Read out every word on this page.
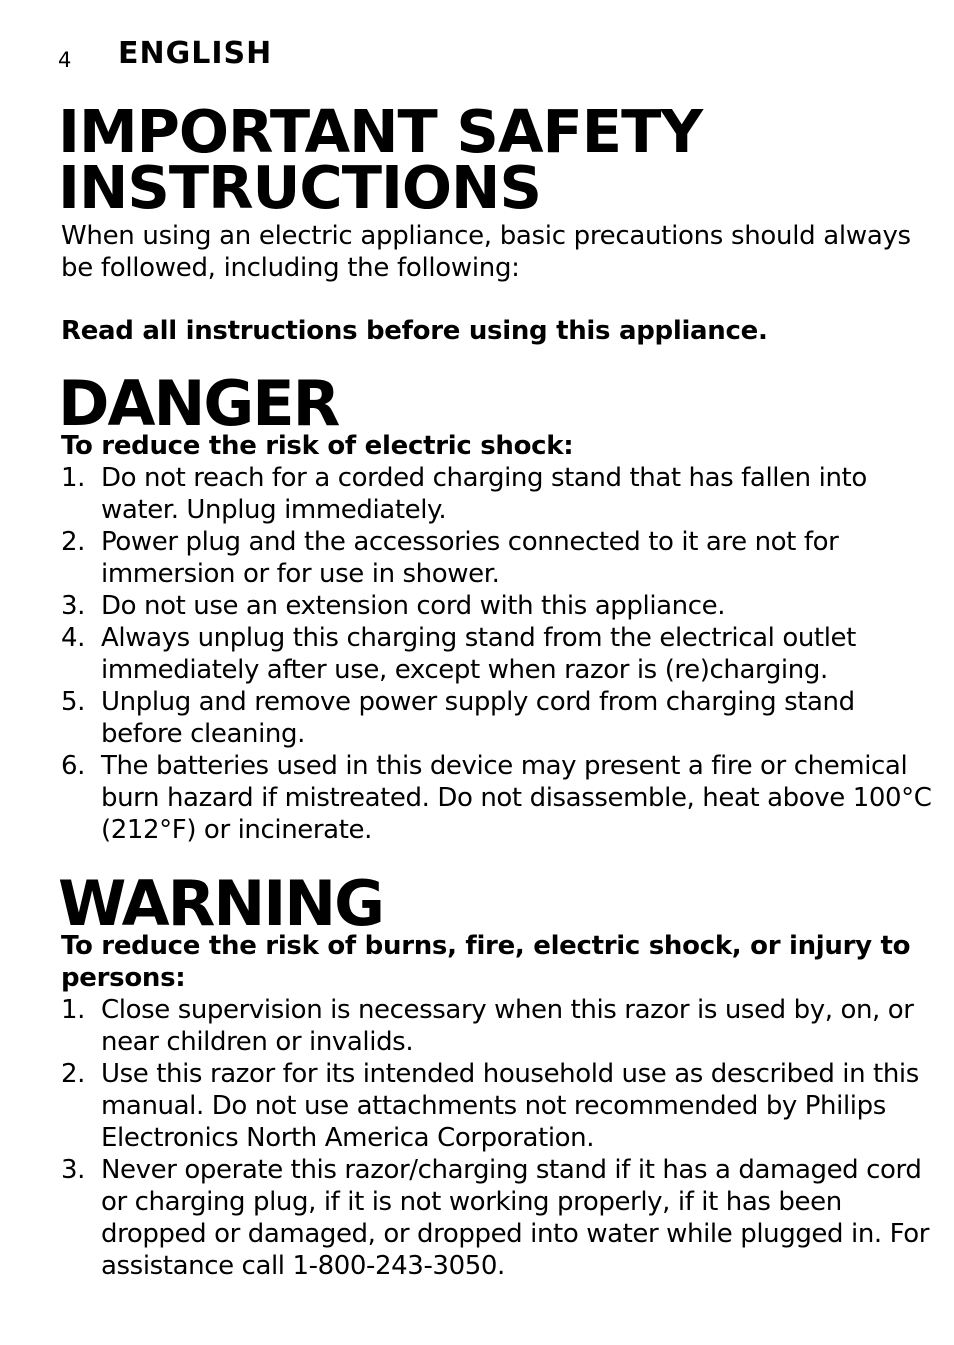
4 ENGLISH
IMPORTANT SAFETY INSTRUCTIONS
When using an electric appliance, basic precautions should always be followed, including the following:
Read all instructions before using this appliance.
DANGER
To reduce the risk of electric shock:
1. Do not reach for a corded charging stand that has fallen into water. Unplug immediately.
2. Power plug and the accessories connected to it are not for immersion or for use in shower.
3. Do not use an extension cord with this appliance.
4. Always unplug this charging stand from the electrical outlet immediately after use, except when razor is (re)charging.
5. Unplug and remove power supply cord from charging stand before cleaning.
6. The batteries used in this device may present a fire or chemical burn hazard if mistreated. Do not disassemble, heat above 100°C (212°F) or incinerate.
WARNING
To reduce the risk of burns, fire, electric shock, or injury to persons:
1. Close supervision is necessary when this razor is used by, on, or near children or invalids.
2. Use this razor for its intended household use as described in this manual. Do not use attachments not recommended by Philips Electronics North America Corporation.
3. Never operate this razor/charging stand if it has a damaged cord or charging plug, if it is not working properly, if it has been dropped or damaged, or dropped into water while plugged in. For assistance call 1-800-243-3050.
